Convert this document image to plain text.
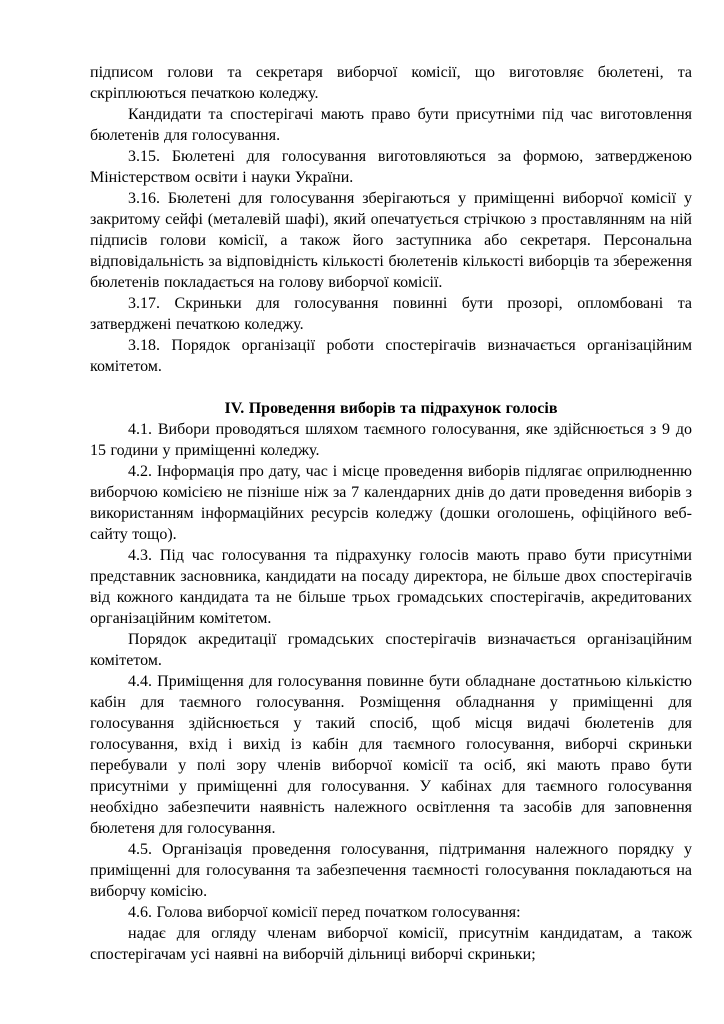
підписом голови та секретаря виборчої комісії, що виготовляє бюлетені, та скріплюються печаткою коледжу.

Кандидати та спостерігачі мають право бути присутніми під час виготовлення бюлетенів для голосування.

3.15. Бюлетені для голосування виготовляються за формою, затвердженою Міністерством освіти і науки України.

3.16. Бюлетені для голосування зберігаються у приміщенні виборчої комісії у закритому сейфі (металевій шафі), який опечатується стрічкою з проставлянням на ній підписів голови комісії, а також його заступника або секретаря. Персональна відповідальність за відповідність кількості бюлетенів кількості виборців та збереження бюлетенів покладається на голову виборчої комісії.

3.17. Скриньки для голосування повинні бути прозорі, опломбовані та затверджені печаткою коледжу.

3.18. Порядок організації роботи спостерігачів визначається організаційним комітетом.

IV. Проведення виборів та підрахунок голосів

4.1. Вибори проводяться шляхом таємного голосування, яке здійснюється з 9 до 15 години у приміщенні коледжу.

4.2. Інформація про дату, час і місце проведення виборів підлягає оприлюдненню виборчою комісією не пізніше ніж за 7 календарних днів до дати проведення виборів з використанням інформаційних ресурсів коледжу (дошки оголошень, офіційного веб-сайту тощо).

4.3. Під час голосування та підрахунку голосів мають право бути присутніми представник засновника, кандидати на посаду директора, не більше двох спостерігачів від кожного кандидата та не більше трьох громадських спостерігачів, акредитованих організаційним комітетом.

Порядок акредитації громадських спостерігачів визначається організаційним комітетом.

4.4. Приміщення для голосування повинне бути обладнане достатньою кількістю кабін для таємного голосування. Розміщення обладнання у приміщенні для голосування здійснюється у такий спосіб, щоб місця видачі бюлетенів для голосування, вхід і вихід із кабін для таємного голосування, виборчі скриньки перебували у полі зору членів виборчої комісії та осіб, які мають право бути присутніми у приміщенні для голосування. У кабінах для таємного голосування необхідно забезпечити наявність належного освітлення та засобів для заповнення бюлетеня для голосування.

4.5. Організація проведення голосування, підтримання належного порядку у приміщенні для голосування та забезпечення таємності голосування покладаються на виборчу комісію.

4.6. Голова виборчої комісії перед початком голосування:

надає для огляду членам виборчої комісії, присутнім кандидатам, а також спостерігачам усі наявні на виборчій дільниці виборчі скриньки;
